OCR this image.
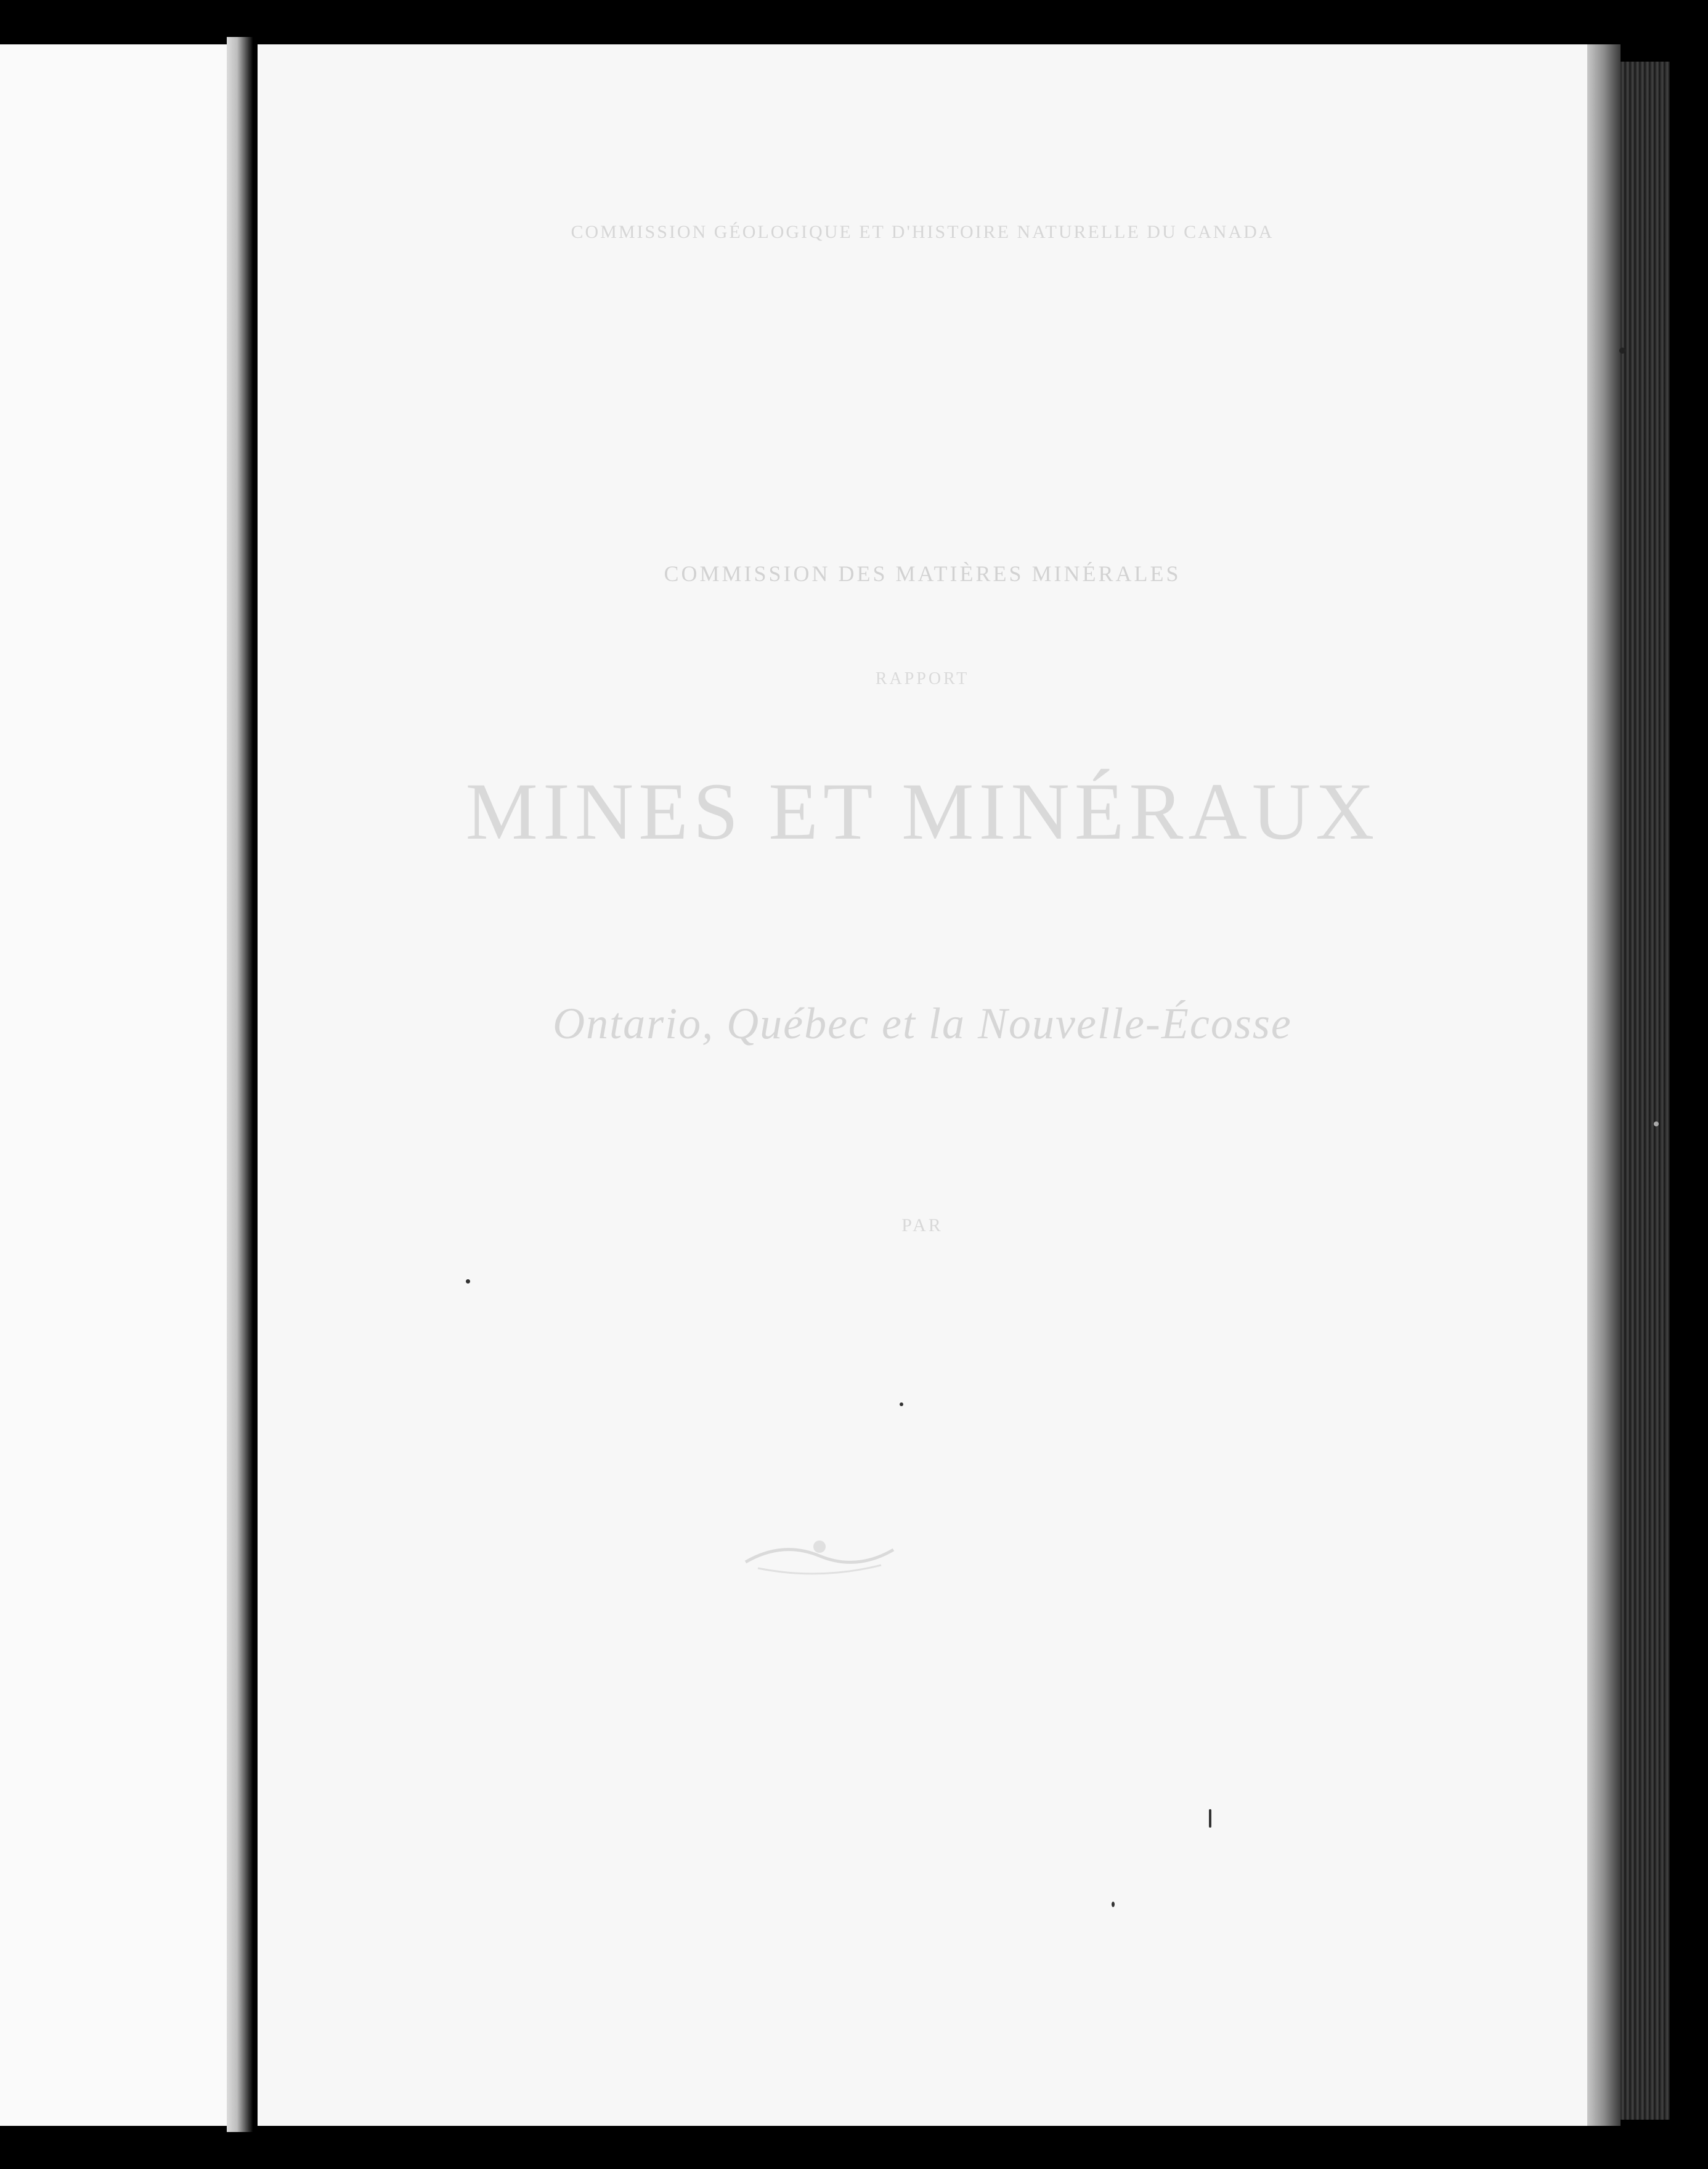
COMMISSION GÉOLOGIQUE ET D'HISTOIRE NATURELLE DU CANADA
COMMISSION DES MATIÈRES MINÉRALES
RAPPORT
MINES ET MINÉRAUX
Ontario, Québec et la Nouvelle-Écosse
PAR
